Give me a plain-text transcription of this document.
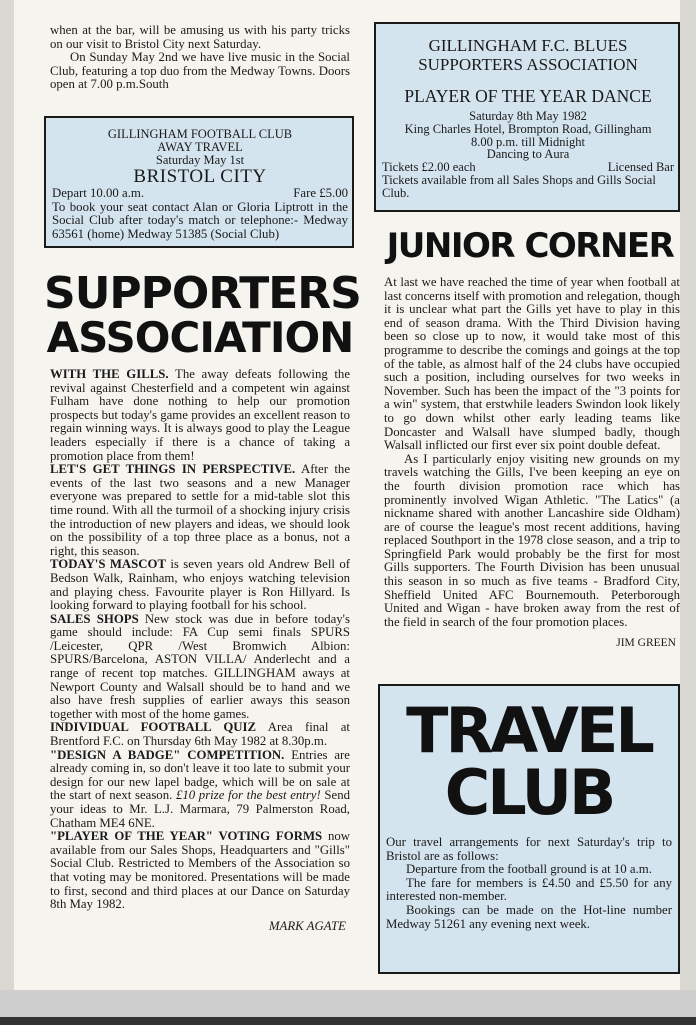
when at the bar, will be amusing us with his party tricks on our visit to Bristol City next Saturday.

On Sunday May 2nd we have live music in the Social Club, featuring a top duo from the Medway Towns. Doors open at 7.00 p.m.South

GILLINGHAM FOOTBALL CLUB
AWAY TRAVEL
Saturday May 1st
BRISTOL CITY
Depart 10.00 a.m.	Fare £5.00

To book your seat contact Alan or Gloria Liptrott in the Social Club after today's match or telephone:- Medway 63561 (home) Medway 51385 (Social Club)

SUPPORTERS
ASSOCIATION

WITH THE GILLS. The away defeats following the revival against Chesterfield and a competent win against Fulham have done nothing to help our promotion prospects but today's game provides an excellent reason to regain winning ways. It is always good to play the League leaders especially if there is a chance of taking a promotion place from them!

LET'S GET THINGS IN PERSPECTIVE. After the events of the last two seasons and a new Manager everyone was prepared to settle for a mid-table slot this time round. With all the turmoil of a shocking injury crisis the introduction of new players and ideas, we should look on the possibility of a top three place as a bonus, not a right, this season.

TODAY'S MASCOT is seven years old Andrew Bell of Bedson Walk, Rainham, who enjoys watching television and playing chess. Favourite player is Ron Hillyard. Is looking forward to playing football for his school.

SALES SHOPS New stock was due in before today's game should include: FA Cup semi finals SPURS /Leicester, QPR /West Bromwich Albion: SPURS/Barcelona, ASTON VILLA/ Anderlecht and a range of recent top matches. GILLINGHAM aways at Newport County and Walsall should be to hand and we also have fresh supplies of earlier aways this season together with most of the home games.

INDIVIDUAL FOOTBALL QUIZ Area final at Brentford F.C. on Thursday 6th May 1982 at 8.30p.m.

"DESIGN A BADGE" COMPETITION. Entries are already coming in, so don't leave it too late to submit your design for our new lapel badge, which will be on sale at the start of next season. £10 prize for the best entry! Send your ideas to Mr. L.J. Marmara, 79 Palmerston Road, Chatham ME4 6NE.

"PLAYER OF THE YEAR" VOTING FORMS now available from our Sales Shops, Headquarters and "Gills" Social Club. Restricted to Members of the Association so that voting may be monitored. Presentations will be made to first, second and third places at our Dance on Saturday 8th May 1982.

MARK AGATE

GILLINGHAM F.C. BLUES
SUPPORTERS ASSOCIATION
PLAYER OF THE YEAR DANCE
Saturday 8th May 1982
King Charles Hotel, Brompton Road, Gillingham
8.00 p.m. till Midnight
Dancing to Aura
Tickets £2.00 each	Licensed Bar

Tickets available from all Sales Shops and Gills Social Club.

JUNIOR CORNER

At last we have reached the time of year when football at last concerns itself with promotion and relegation, though it is unclear what part the Gills yet have to play in this end of season drama. With the Third Division having been so close up to now, it would take most of this programme to describe the comings and goings at the top of the table, as almost half of the 24 clubs have occupied such a position, including ourselves for two weeks in November. Such has been the impact of the "3 points for a win" system, that erstwhile leaders Swindon look likely to go down whilst other early leading teams like Doncaster and Walsall have slumped badly, though Walsall inflicted our first ever six point double defeat.

As I particularly enjoy visiting new grounds on my travels watching the Gills, I've been keeping an eye on the fourth division promotion race which has prominently involved Wigan Athletic. "The Latics" (a nickname shared with another Lancashire side Oldham) are of course the league's most recent additions, having replaced Southport in the 1978 close season, and a trip to Springfield Park would probably be the first for most Gills supporters. The Fourth Division has been unusual this season in so much as five teams - Bradford City, Sheffield United AFC Bournemouth. Peterborough United and Wigan - have broken away from the rest of the field in search of the four promotion places.

JIM GREEN

TRAVEL
CLUB

Our travel arrangements for next Saturday's trip to Bristol are as follows:

Departure from the football ground is at 10 a.m.

The fare for members is £4.50 and £5.50 for any interested non-member.

Bookings can be made on the Hot-line number Medway 51261 any evening next week.
